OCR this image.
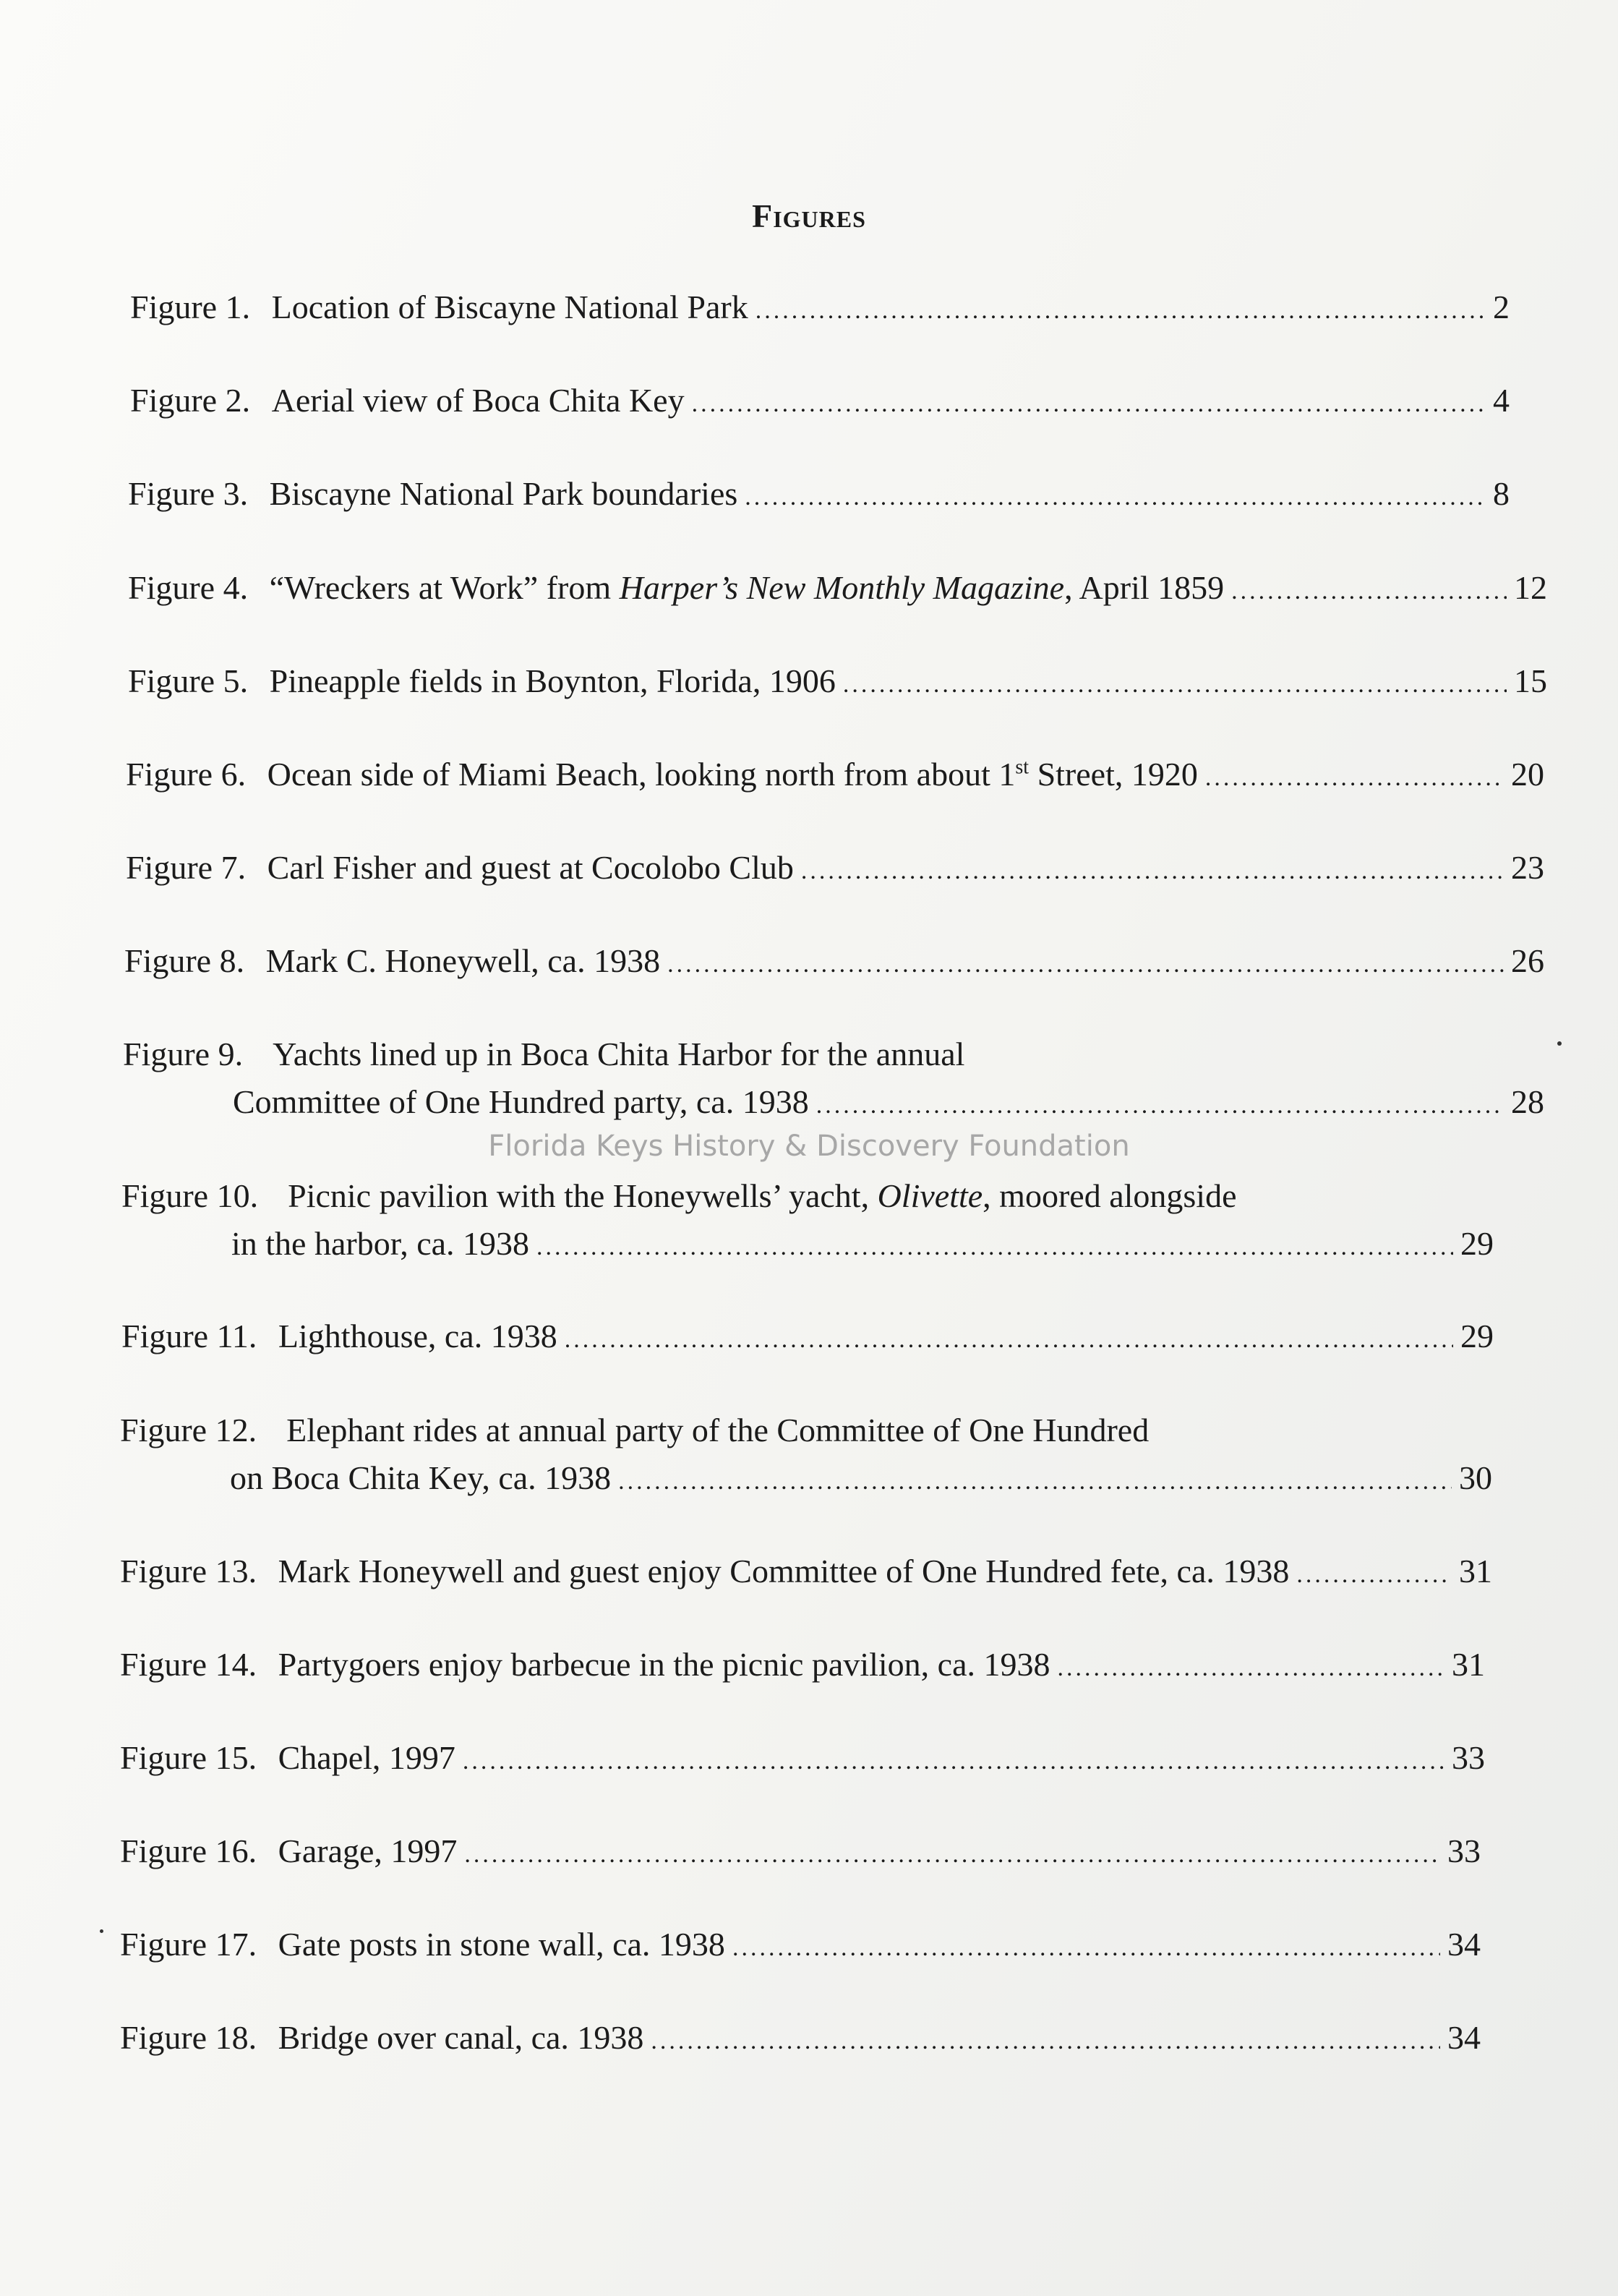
Figures
Figure 1.
Location of Biscayne National Park .....	2
Figure 2.
Aerial view of Boca Chita Key .....	4
Figure 3.
Biscayne National Park boundaries .....	8
Figure 4.
“Wreckers at Work” from Harper’s New Monthly Magazine, April 1859 .....	12
Figure 5.
Pineapple fields in Boynton, Florida, 1906 .....	15
Figure 6.
Ocean side of Miami Beach, looking north from about 1st Street, 1920 .....	20
Figure 7.
Carl Fisher and guest at Cocolobo Club .....	23
Figure 8.
Mark C. Honeywell, ca. 1938 .....	26
Figure 9. Yachts lined up in Boca Chita Harbor for the annual
Committee of One Hundred party, ca. 1938 .....	28
Florida Keys History & Discovery Foundation
Figure 10. Picnic pavilion with the Honeywells’ yacht, Olivette, moored alongside
in the harbor, ca. 1938 .....	29
Figure 11.
Lighthouse, ca. 1938 .....	29
Figure 12. Elephant rides at annual party of the Committee of One Hundred
on Boca Chita Key, ca. 1938 .....	30
Figure 13.
Mark Honeywell and guest enjoy Committee of One Hundred fete, ca. 1938 .....	31
Figure 14.
Partygoers enjoy barbecue in the picnic pavilion, ca. 1938 .....	31
Figure 15.
Chapel, 1997 .....	33
Figure 16.
Garage, 1997 .....	33
Figure 17.
Gate posts in stone wall, ca. 1938 .....	34
Figure 18.
Bridge over canal, ca. 1938 .....	34
